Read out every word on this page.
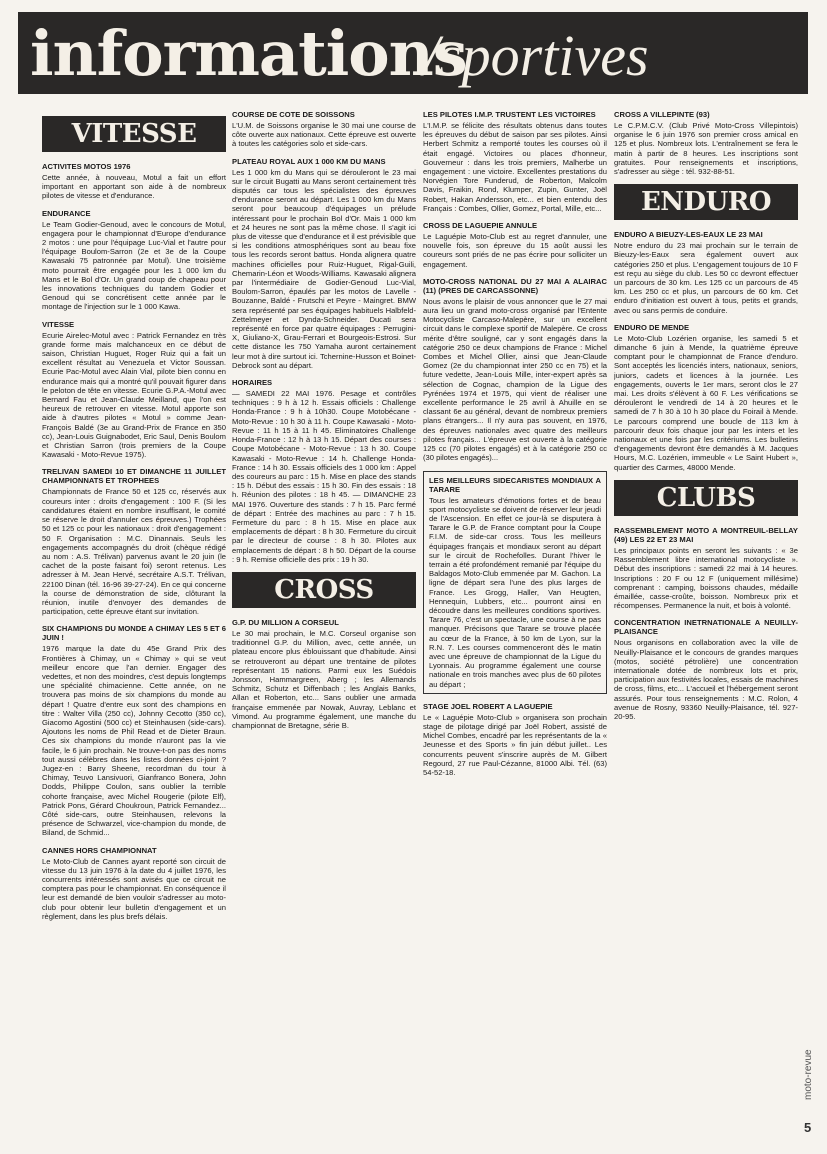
informations
/sportives
VITESSE

ACTIVITES MOTOS 1976

Cette année, à nouveau, Motul a fait un effort important en apportant son aide à de nombreux pilotes de vitesse et d'endurance.

ENDURANCE

Le Team Godier-Genoud, avec le concours de Motul, engagera pour le championnat d'Europe d'endurance 2 motos : une pour l'équipage Luc-Vial et l'autre pour l'équipage Boulom-Sarron (2e et 3e de la Coupe Kawasaki 75 patronnée par Motul). Une troisième moto pourrait être engagée pour les 1 000 km du Mans et le Bol d'Or. Un grand coup de chapeau pour les innovations techniques du tandem Godier et Genoud qui se concrétisent cette année par le montage de l'injection sur le 1 000 Kawa.

VITESSE

Ecurie Airelec-Motul avec : Patrick Fernandez en très grande forme mais malchanceux en ce début de saison, Christian Huguet, Roger Ruiz qui a fait un excellent résultat au Venezuela et Victor Soussan. Ecurie Pac-Motul avec Alain Vial, pilote bien connu en endurance mais qui a montré qu'il pouvait figurer dans le peloton de tête en vitesse. Ecurie G.P.A.-Motul avec Bernard Fau et Jean-Claude Meilland, que l'on est heureux de retrouver en vitesse. Motul apporte son aide à d'autres pilotes « Motul » comme Jean-François Baldé (3e au Grand-Prix de France en 350 cc), Jean-Louis Guignabodet, Eric Saul, Denis Boulom et Christian Sarron (trois premiers de la Coupe Kawasaki - Moto-Revue 1975).

TRELIVAN SAMEDI 10 ET DIMANCHE 11 JUILLET CHAMPIONNATS ET TROPHEES

Championnats de France 50 et 125 cc, réservés aux coureurs inter : droits d'engagement : 100 F. (Si les candidatures étaient en nombre insuffisant, le comité se réserve le droit d'annuler ces épreuves.) Trophées 50 et 125 cc pour les nationaux : droit d'engagement : 50 F. Organisation : M.C. Dinannais. Seuls les engagements accompagnés du droit (chèque rédigé au nom : A.S. Trélivan) parvenus avant le 20 juin (le cachet de la poste faisant foi) seront retenus. Les adresser à M. Jean Hervé, secrétaire A.S.T. Trélivan, 22100 Dinan (tél. 16-96 39-27-24). En ce qui concerne la course de démonstration de side, clôturant la réunion, inutile d'envoyer des demandes de participation, cette épreuve étant sur invitation.

SIX CHAMPIONS DU MONDE A CHIMAY LES 5 ET 6 JUIN !

1976 marque la date du 45e Grand Prix des Frontières à Chimay, un « Chimay » qui se veut meilleur encore que l'an dernier. Engager des vedettes, et non des moindres, c'est depuis longtemps une spécialité chimacienne. Cette année, on ne trouvera pas moins de six champions du monde au départ ! Quatre d'entre eux sont des champions en titre : Walter Villa (250 cc), Johnny Cecotto (350 cc), Giacomo Agostini (500 cc) et Steinhausen (side-cars). Ajoutons les noms de Phil Read et de Dieter Braun. Ces six champions du monde n'auront pas la vie facile, le 6 juin prochain. Ne trouve-t-on pas des noms tout aussi célèbres dans les listes données ci-joint ? Jugez-en : Barry Sheene, recordman du tour à Chimay, Teuvo Lansivuori, Gianfranco Bonera, John Dodds, Philippe Coulon, sans oublier la terrible cohorte française, avec Michel Rougerie (pilote Elf), Patrick Pons, Gérard Choukroun, Patrick Fernandez... Côté side-cars, outre Steinhausen, relevons la présence de Schwarzel, vice-champion du monde, de Biland, de Schmid...

CANNES HORS CHAMPIONNAT

Le Moto-Club de Cannes ayant reporté son circuit de vitesse du 13 juin 1976 à la date du 4 juillet 1976, les concurrents intéressés sont avisés que ce circuit ne comptera pas pour le championnat. En conséquence il leur est demandé de bien vouloir s'adresser au moto-club pour obtenir leur bulletin d'engagement et un règlement, dans les plus brefs délais.

COURSE DE COTE DE SOISSONS

L'U.M. de Soissons organise le 30 mai une course de côte ouverte aux nationaux. Cette épreuve est ouverte à toutes les catégories solo et side-cars.

PLATEAU ROYAL AUX 1 000 KM DU MANS

Les 1 000 km du Mans qui se dérouleront le 23 mai sur le circuit Bugatti au Mans seront certainement très disputés car tous les spécialistes des épreuves d'endurance seront au départ. Les 1 000 km du Mans seront pour beaucoup d'équipages un prélude intéressant pour le prochain Bol d'Or. Mais 1 000 km et 24 heures ne sont pas la même chose. Il s'agit ici plus de vitesse que d'endurance et il est prévisible que si les conditions atmosphériques sont au beau fixe tous les records seront battus. Honda alignera quatre machines officielles pour Ruiz-Huguet, Rigal-Guili, Chemarin-Léon et Woods-Williams. Kawasaki alignera par l'intermédiaire de Godier-Genoud Luc-Vial, Boulom-Sarron, épaulés par les motos de Lavelle - Bouzanne, Baldé - Frutschi et Peyre - Maingret. BMW sera représenté par ses équipages habituels Halbfeld-Zettelmeyer et Dynda-Schneider. Ducati sera représenté en force par quatre équipages : Perrugini-X, Giuliano-X, Grau-Ferrari et Bourgeois-Estrosi. Sur cette distance les 750 Yamaha auront certainement leur mot à dire surtout ici. Tchernine-Husson et Boinet-Debrock sont au départ.

HORAIRES

— SAMEDI 22 MAI 1976. Pesage et contrôles techniques : 9 h à 12 h. Essais officiels : Challenge Honda-France : 9 h à 10h30. Coupe Motobécane - Moto-Revue : 10 h 30 à 11 h. Coupe Kawasaki - Moto-Revue : 11 h 15 à 11 h 45. Eliminatoires Challenge Honda-France : 12 h à 13 h 15. Départ des courses : Coupe Motobécane - Moto-Revue : 13 h 30. Coupe Kawasaki - Moto-Revue : 14 h. Challenge Honda-France : 14 h 30. Essais officiels des 1 000 km : Appel des coureurs au parc : 15 h. Mise en place des stands : 15 h. Début des essais : 15 h 30. Fin des essais : 18 h. Réunion des pilotes : 18 h 45. — DIMANCHE 23 MAI 1976. Ouverture des stands : 7 h 15. Parc fermé de départ : Entrée des machines au parc : 7 h 15. Fermeture du parc : 8 h 15. Mise en place aux emplacements de départ : 8 h 30. Fermeture du circuit par le directeur de course : 8 h 30. Pilotes aux emplacements de départ : 8 h 50. Départ de la course : 9 h. Remise officielle des prix : 19 h 30.

CROSS

G.P. DU MILLION A CORSEUL

Le 30 mai prochain, le M.C. Corseul organise son traditionnel G.P. du Million, avec, cette année, un plateau encore plus éblouissant que d'habitude. Ainsi se retrouveront au départ une trentaine de pilotes représentant 15 nations. Parmi eux les Suédois Jonsson, Hammargreen, Aberg ; les Allemands Schmitz, Schutz et Diffenbach ; les Anglais Banks, Allan et Roberton, etc... Sans oublier une armada française emmenée par Nowak, Auvray, Leblanc et Vimond. Au programme également, une manche du championnat de Bretagne, série B.

LES PILOTES I.M.P. TRUSTENT LES VICTOIRES

L'I.M.P. se félicite des résultats obtenus dans toutes les épreuves du début de saison par ses pilotes. Ainsi Herbert Schmitz a remporté toutes les courses où il était engagé. Victoires ou places d'honneur, Gouverneur : dans les trois premiers, Malherbe un engagement : une victoire. Excellentes prestations du Norvégien Tore Funderud, de Roberton, Malcolm Davis, Fraikin, Rond, Klumper, Zupin, Gunter, Joël Robert, Hakan Andersson, etc... et bien entendu des Français : Combes, Ollier, Gomez, Portal, Mille, etc...

CROSS DE LAGUEPIE ANNULE

Le Laguépie Moto-Club est au regret d'annuler, une nouvelle fois, son épreuve du 15 août aussi les coureurs sont priés de ne pas écrire pour solliciter un engagement.

MOTO-CROSS NATIONAL DU 27 MAI A ALAIRAC (11) (PRES DE CARCASSONNE)

Nous avons le plaisir de vous annoncer que le 27 mai aura lieu un grand moto-cross organisé par l'Entente Motocycliste Carcaso-Malepère, sur un excellent circuit dans le complexe sportif de Malepère. Ce cross mérite d'être souligné, car y sont engagés dans la catégorie 250 ce deux champions de France : Michel Combes et Michel Ollier, ainsi que Jean-Claude Gomez (2e du championnat inter 250 cc en 75) et la future vedette, Jean-Louis Mille, inter-expert après sa sélection de Cognac, champion de la Ligue des Pyrénées 1974 et 1975, qui vient de réaliser une excellente performance le 25 avril à Ahuille en se classant 6e au général, devant de nombreux premiers plans étrangers... Il n'y aura pas souvent, en 1976, des épreuves nationales avec quatre des meilleurs pilotes français... L'épreuve est ouverte à la catégorie 125 cc (70 pilotes engagés) et à la catégorie 250 cc (30 pilotes engagés)...

LES MEILLEURS SIDECARISTES MONDIAUX A TARARE

Tous les amateurs d'émotions fortes et de beau sport motocycliste se doivent de réserver leur jeudi de l'Ascension. En effet ce jour-là se disputera à Tarare le G.P. de France comptant pour la Coupe F.I.M. de side-car cross. Tous les meilleurs équipages français et mondiaux seront au départ sur le circuit de Rochefolles. Durant l'hiver le terrain a été profondément remanié par l'équipe du Baldagos Moto-Club emmenée par M. Gachon. La ligne de départ sera l'une des plus larges de France. Les Grogg, Haller, Van Heugten, Hennequin, Lubbers, etc... pourront ainsi en découdre dans les meilleures conditions sportives. Tarare 76, c'est un spectacle, une course à ne pas manquer. Précisons que Tarare se trouve placée au cœur de la France, à 50 km de Lyon, sur la R.N. 7. Les courses commenceront dès le matin avec une épreuve de championnat de la Ligue du Lyonnais. Au programme également une course nationale en trois manches avec plus de 60 pilotes au départ ;

STAGE JOEL ROBERT A LAGUEPIE

Le « Laguépie Moto-Club » organisera son prochain stage de pilotage dirigé par Joël Robert, assisté de Michel Combes, encadré par les représentants de la « Jeunesse et des Sports » fin juin début juillet.. Les concurrents peuvent s'inscrire auprès de M. Gilbert Regourd, 27 rue Paul-Cézanne, 81000 Albi. Tél. (63) 54-52-18.

CROSS A VILLEPINTE (93)

Le C.P.M.C.V. (Club Privé Moto-Cross Villepintois) organise le 6 juin 1976 son premier cross amical en 125 et plus. Nombreux lots. L'entraînement se fera le matin à partir de 8 heures. Les inscriptions sont gratuites. Pour renseignements et inscriptions, s'adresser au siège : tél. 932-88-51.

ENDURO

ENDURO A BIEUZY-LES-EAUX LE 23 MAI

Notre enduro du 23 mai prochain sur le terrain de Bieuzy-les-Eaux sera également ouvert aux catégories 250 et plus. L'engagement toujours de 10 F est reçu au siège du club. Les 50 cc devront effectuer un parcours de 30 km. Les 125 cc un parcours de 45 km. Les 250 cc et plus, un parcours de 60 km. Cet enduro d'initiation est ouvert à tous, petits et grands, avec ou sans permis de conduire.

ENDURO DE MENDE

Le Moto-Club Lozérien organise, les samedi 5 et dimanche 6 juin à Mende, la quatrième épreuve comptant pour le championnat de France d'enduro. Sont acceptés les licenciés inters, nationaux, seniors, juniors, cadets et licences à la journée. Les engagements, ouverts le 1er mars, seront clos le 27 mai. Les droits s'élèvent à 60 F. Les vérifications se dérouleront le vendredi de 14 à 20 heures et le samedi de 7 h 30 à 10 h 30 place du Foirail à Mende. Le parcours comprend une boucle de 113 km à parcourir deux fois chaque jour par les inters et les nationaux et une fois par les critériums. Les bulletins d'engagements devront être demandés à M. Jacques Hours, M.C. Lozérien, immeuble « Le Saint Hubert », quartier des Carmes, 48000 Mende.

CLUBS

RASSEMBLEMENT MOTO A MONTREUIL-BELLAY (49) LES 22 ET 23 MAI

Les principaux points en seront les suivants : « 3e Rassemblement libre international motocycliste ». Début des inscriptions : samedi 22 mai à 14 heures. Inscriptions : 20 F ou 12 F (uniquement millésime) comprenant : camping, boissons chaudes, médaille émaillée, casse-croûte, boisson. Nombreux prix et récompenses. Permanence la nuit, et bois à volonté.

CONCENTRATION INETRNATIONALE A NEUILLY-PLAISANCE

Nous organisons en collaboration avec la ville de Neuilly-Plaisance et le concours de grandes marques (motos, société pétrolière) une concentration internationale dotée de nombreux lots et prix, participation aux festivités locales, essais de machines de cross, films, etc... L'accueil et l'hébergement seront assurés. Pour tous renseignements : M.C. Rolon, 4 avenue de Rosny, 93360 Neuilly-Plaisance, tél. 927-20-95.

moto-revue
5
